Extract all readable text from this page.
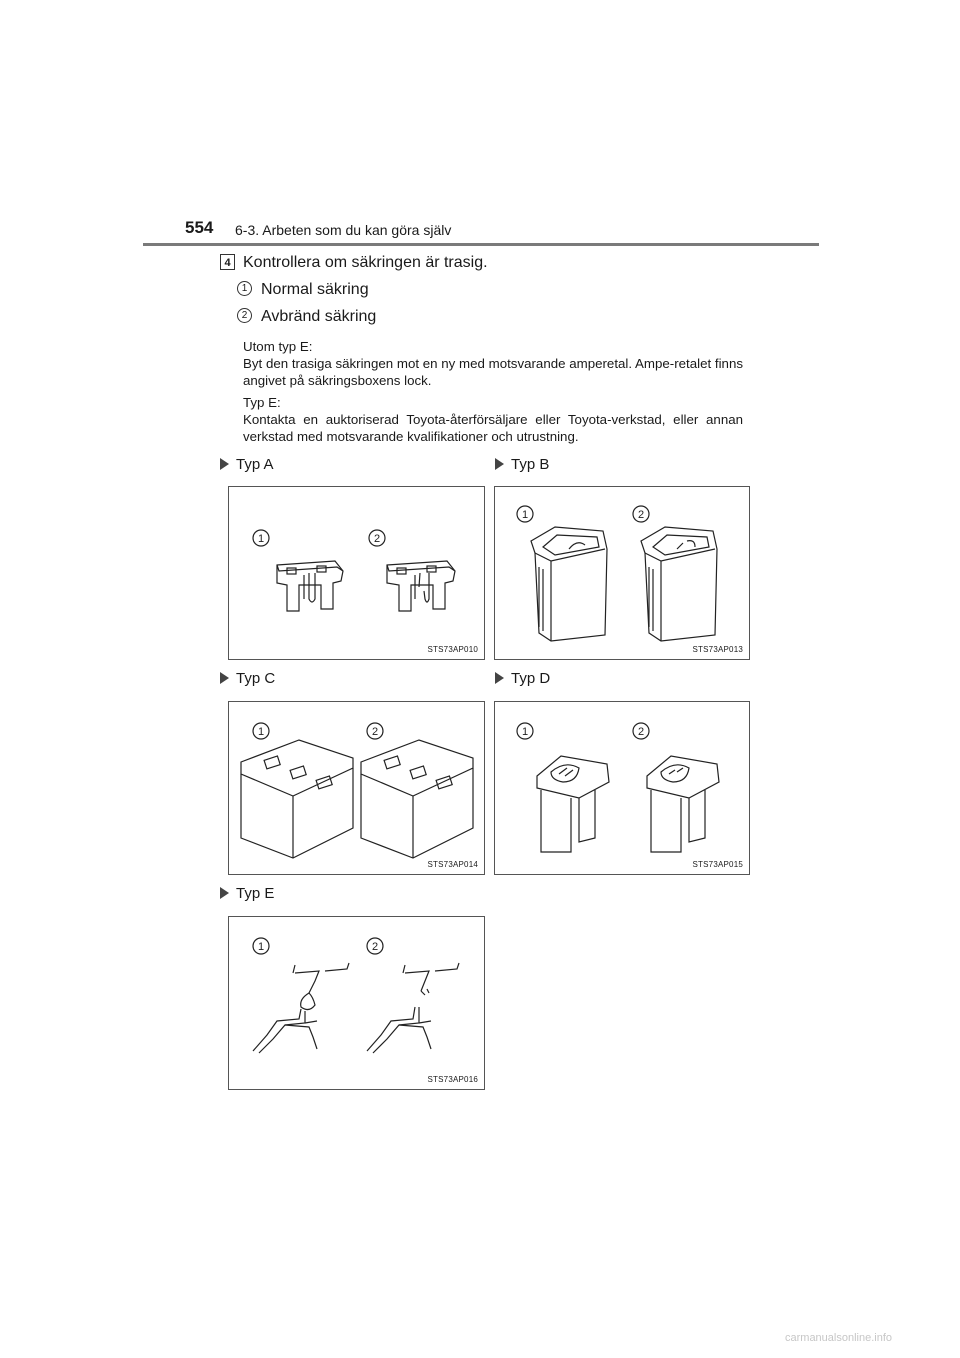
554 6-3. Arbeten som du kan göra själv
4 Kontrollera om säkringen är trasig.
1 Normal säkring
2 Avbränd säkring
Utom typ E:
Byt den trasiga säkringen mot en ny med motsvarande amperetal. Ampe-retalet finns angivet på säkringsboxens lock.
Typ E:
Kontakta en auktoriserad Toyota-återförsäljare eller Toyota-verkstad, eller annan verkstad med motsvarande kvalifikationer och utrustning.
Typ A	Typ B
Typ C	Typ D
Typ E
1	2
STS73AP010
1	2
STS73AP013
1	2
STS73AP014
1	2
STS73AP015
1	2
STS73AP016
carmanualsonline.info
